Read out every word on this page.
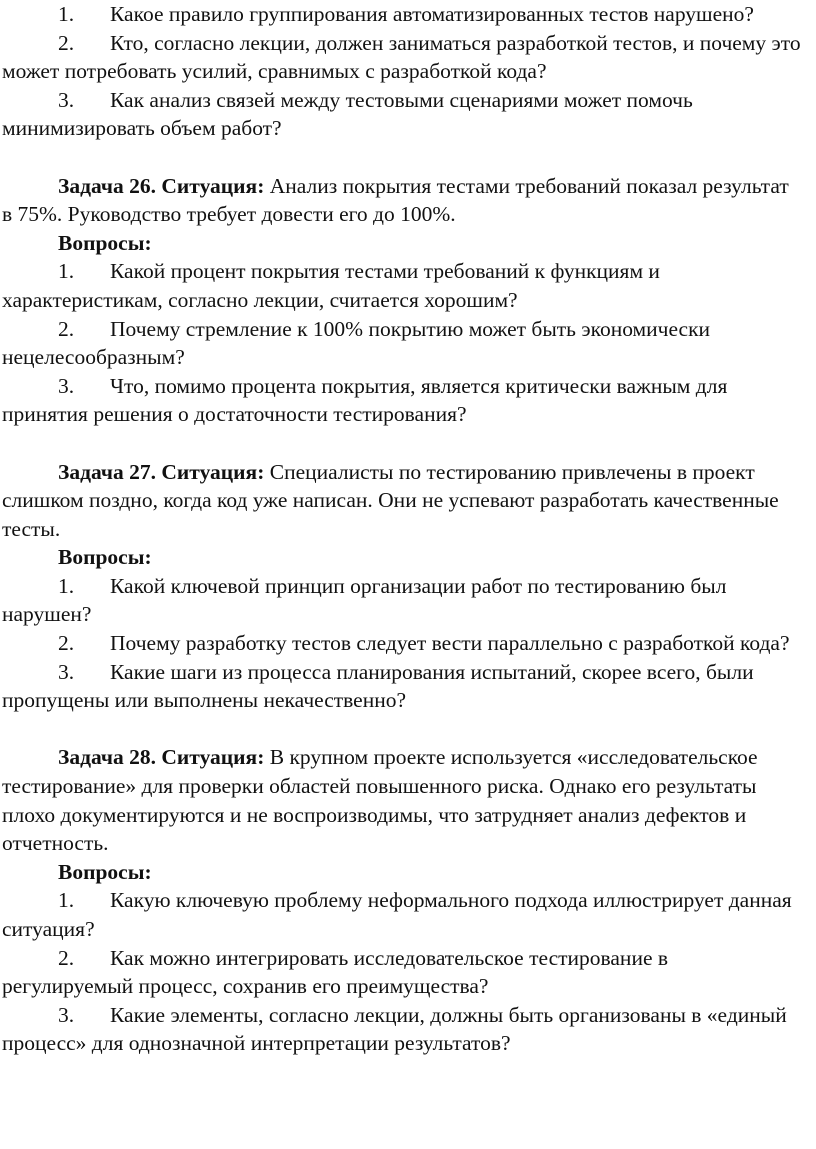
1. Какое правило группирования автоматизированных тестов нарушено?

2. Кто, согласно лекции, должен заниматься разработкой тестов, и почему это может потребовать усилий, сравнимых с разработкой кода?

3. Как анализ связей между тестовыми сценариями может помочь минимизировать объем работ?

Задача 26. Ситуация: Анализ покрытия тестами требований показал результат в 75%. Руководство требует довести его до 100%.

Вопросы:

1. Какой процент покрытия тестами требований к функциям и характеристикам, согласно лекции, считается хорошим?

2. Почему стремление к 100% покрытию может быть экономически нецелесообразным?

3. Что, помимо процента покрытия, является критически важным для принятия решения о достаточности тестирования?

Задача 27. Ситуация: Специалисты по тестированию привлечены в проект слишком поздно, когда код уже написан. Они не успевают разработать качественные тесты.

Вопросы:

1. Какой ключевой принцип организации работ по тестированию был нарушен?

2. Почему разработку тестов следует вести параллельно с разработкой кода?

3. Какие шаги из процесса планирования испытаний, скорее всего, были пропущены или выполнены некачественно?

Задача 28. Ситуация: В крупном проекте используется «исследовательское тестирование» для проверки областей повышенного риска. Однако его результаты плохо документируются и не воспроизводимы, что затрудняет анализ дефектов и отчетность.

Вопросы:

1. Какую ключевую проблему неформального подхода иллюстрирует данная ситуация?

2. Как можно интегрировать исследовательское тестирование в регулируемый процесс, сохранив его преимущества?

3. Какие элементы, согласно лекции, должны быть организованы в «единый процесс» для однозначной интерпретации результатов?
